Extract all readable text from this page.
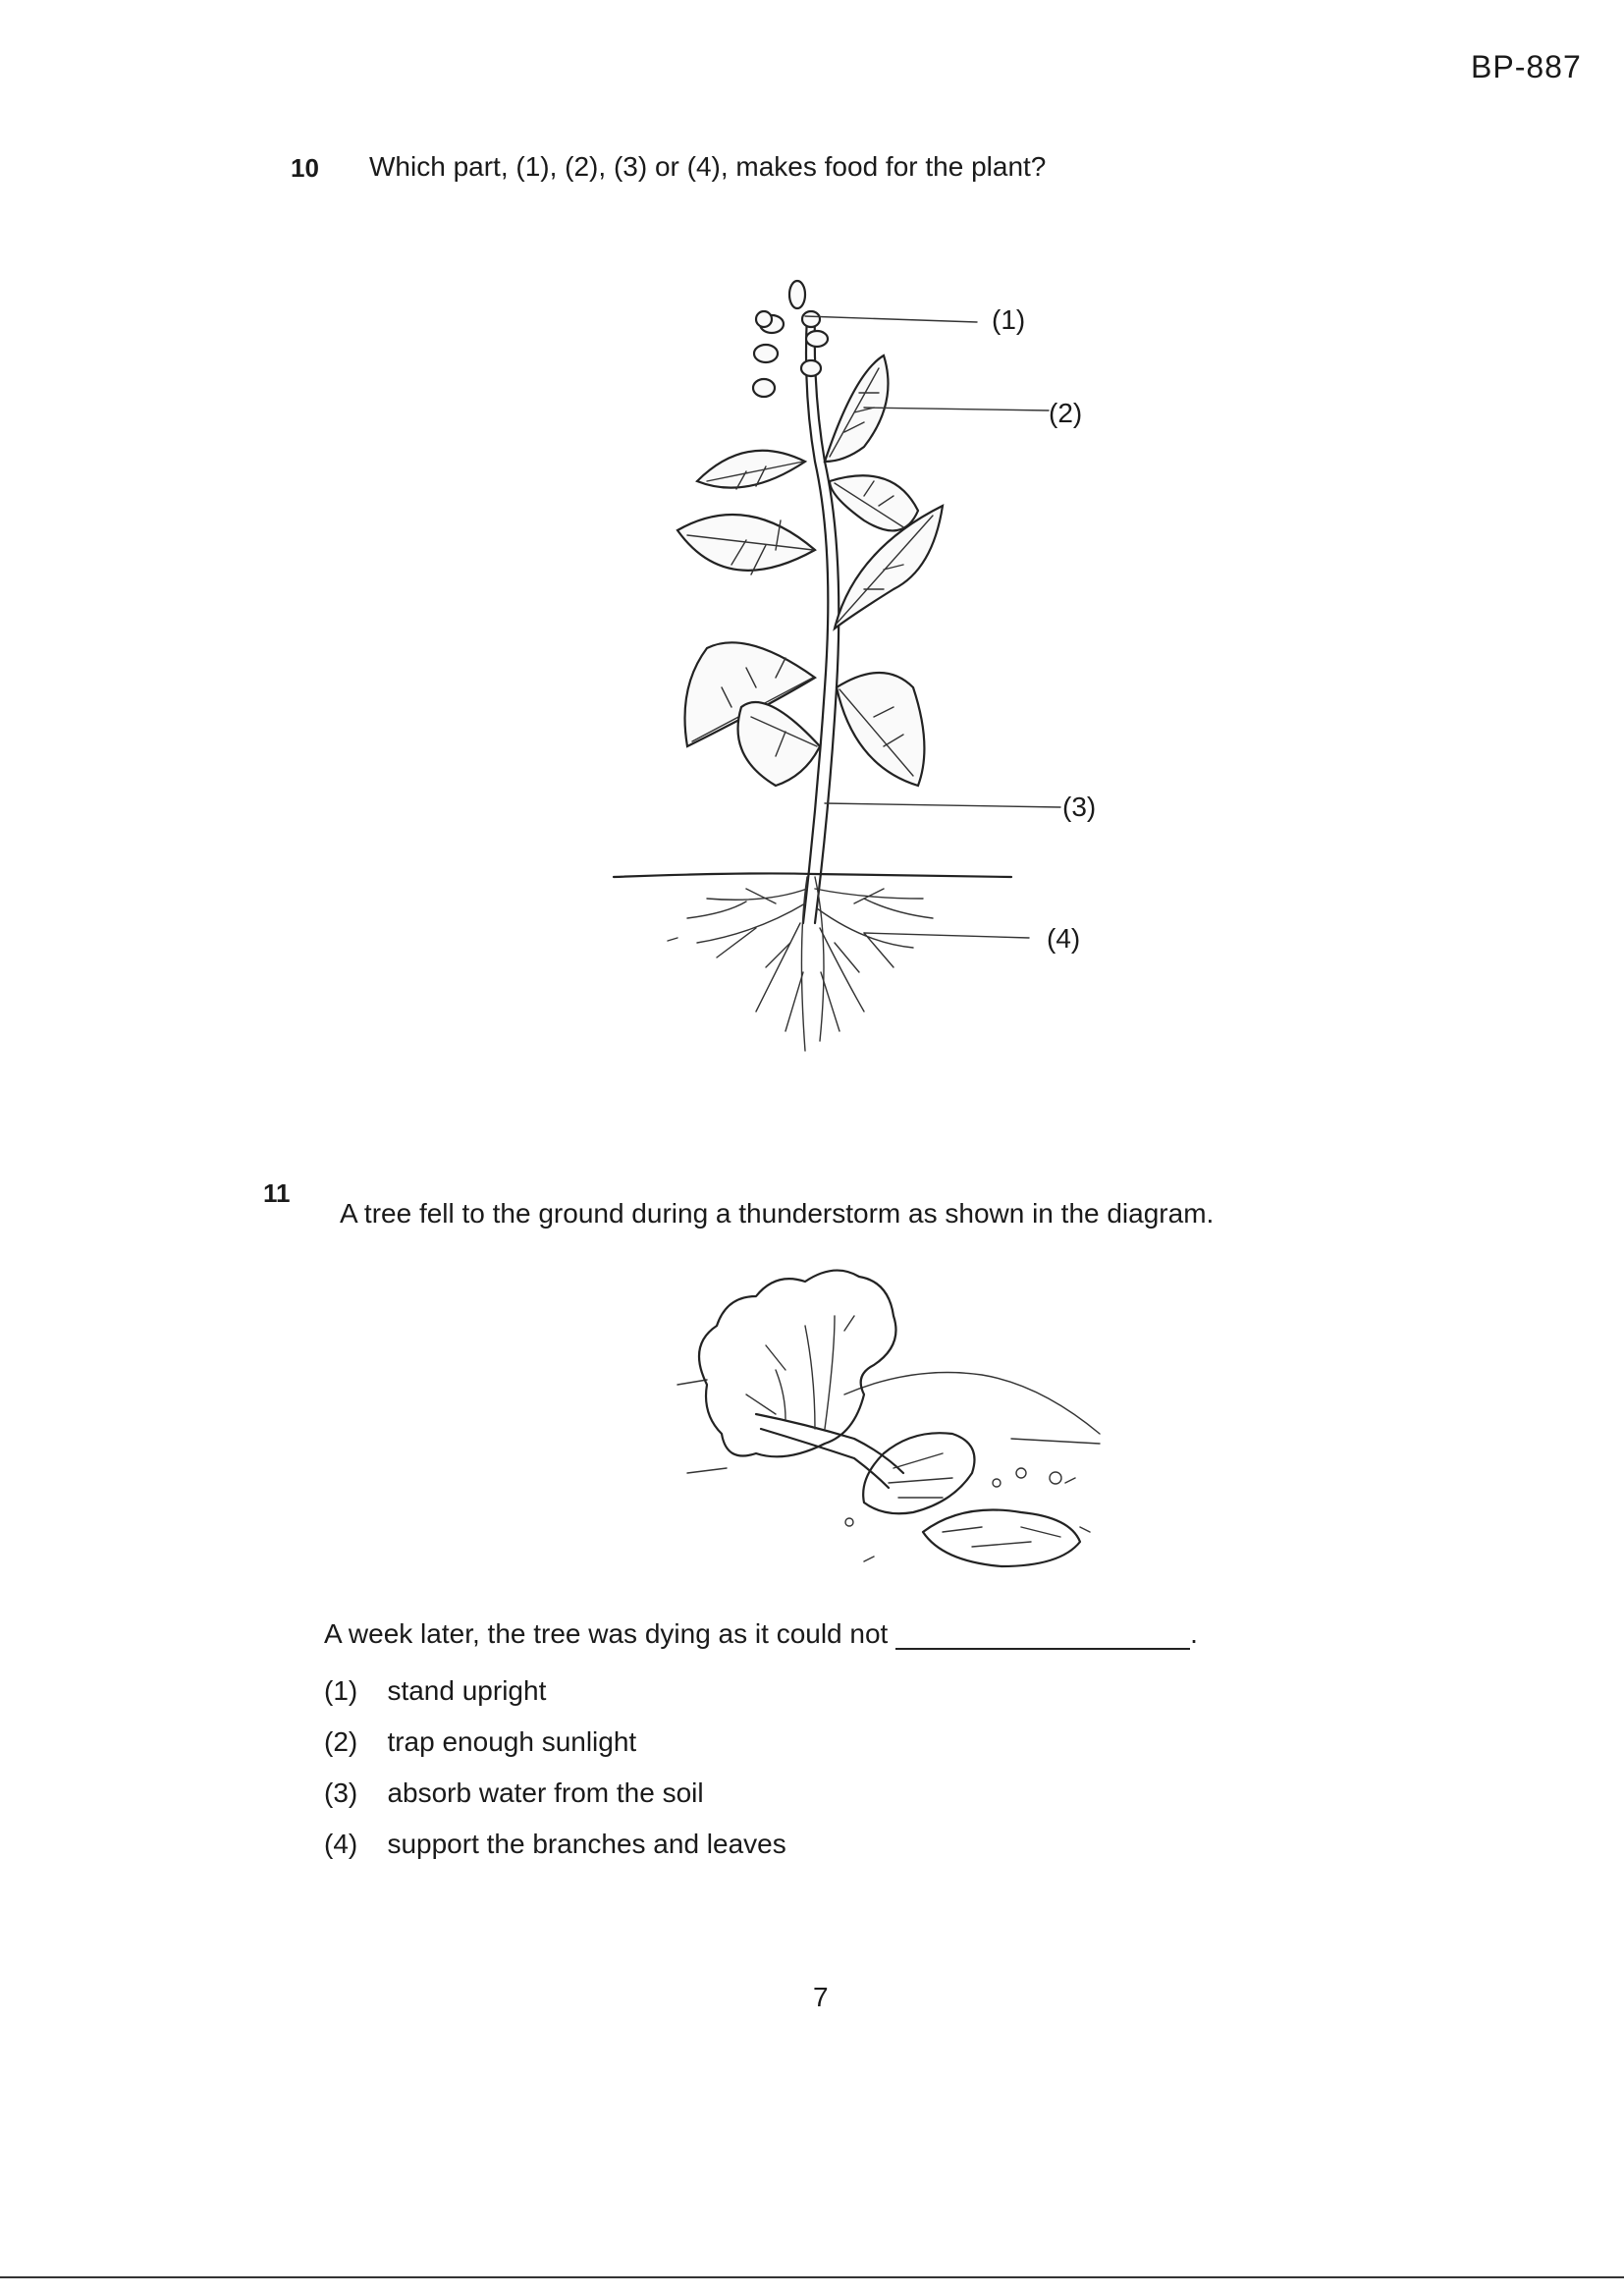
BP-887
10 Which part, (1), (2), (3) or (4), makes food for the plant?
(1)
(2)
(3)
(4)
11
A tree fell to the ground during a thunderstorm as shown in the diagram.
A week later, the tree was dying as it could not	.
(1) stand upright
(2) trap enough sunlight
(3) absorb water from the soil
(4) support the branches and leaves
7
